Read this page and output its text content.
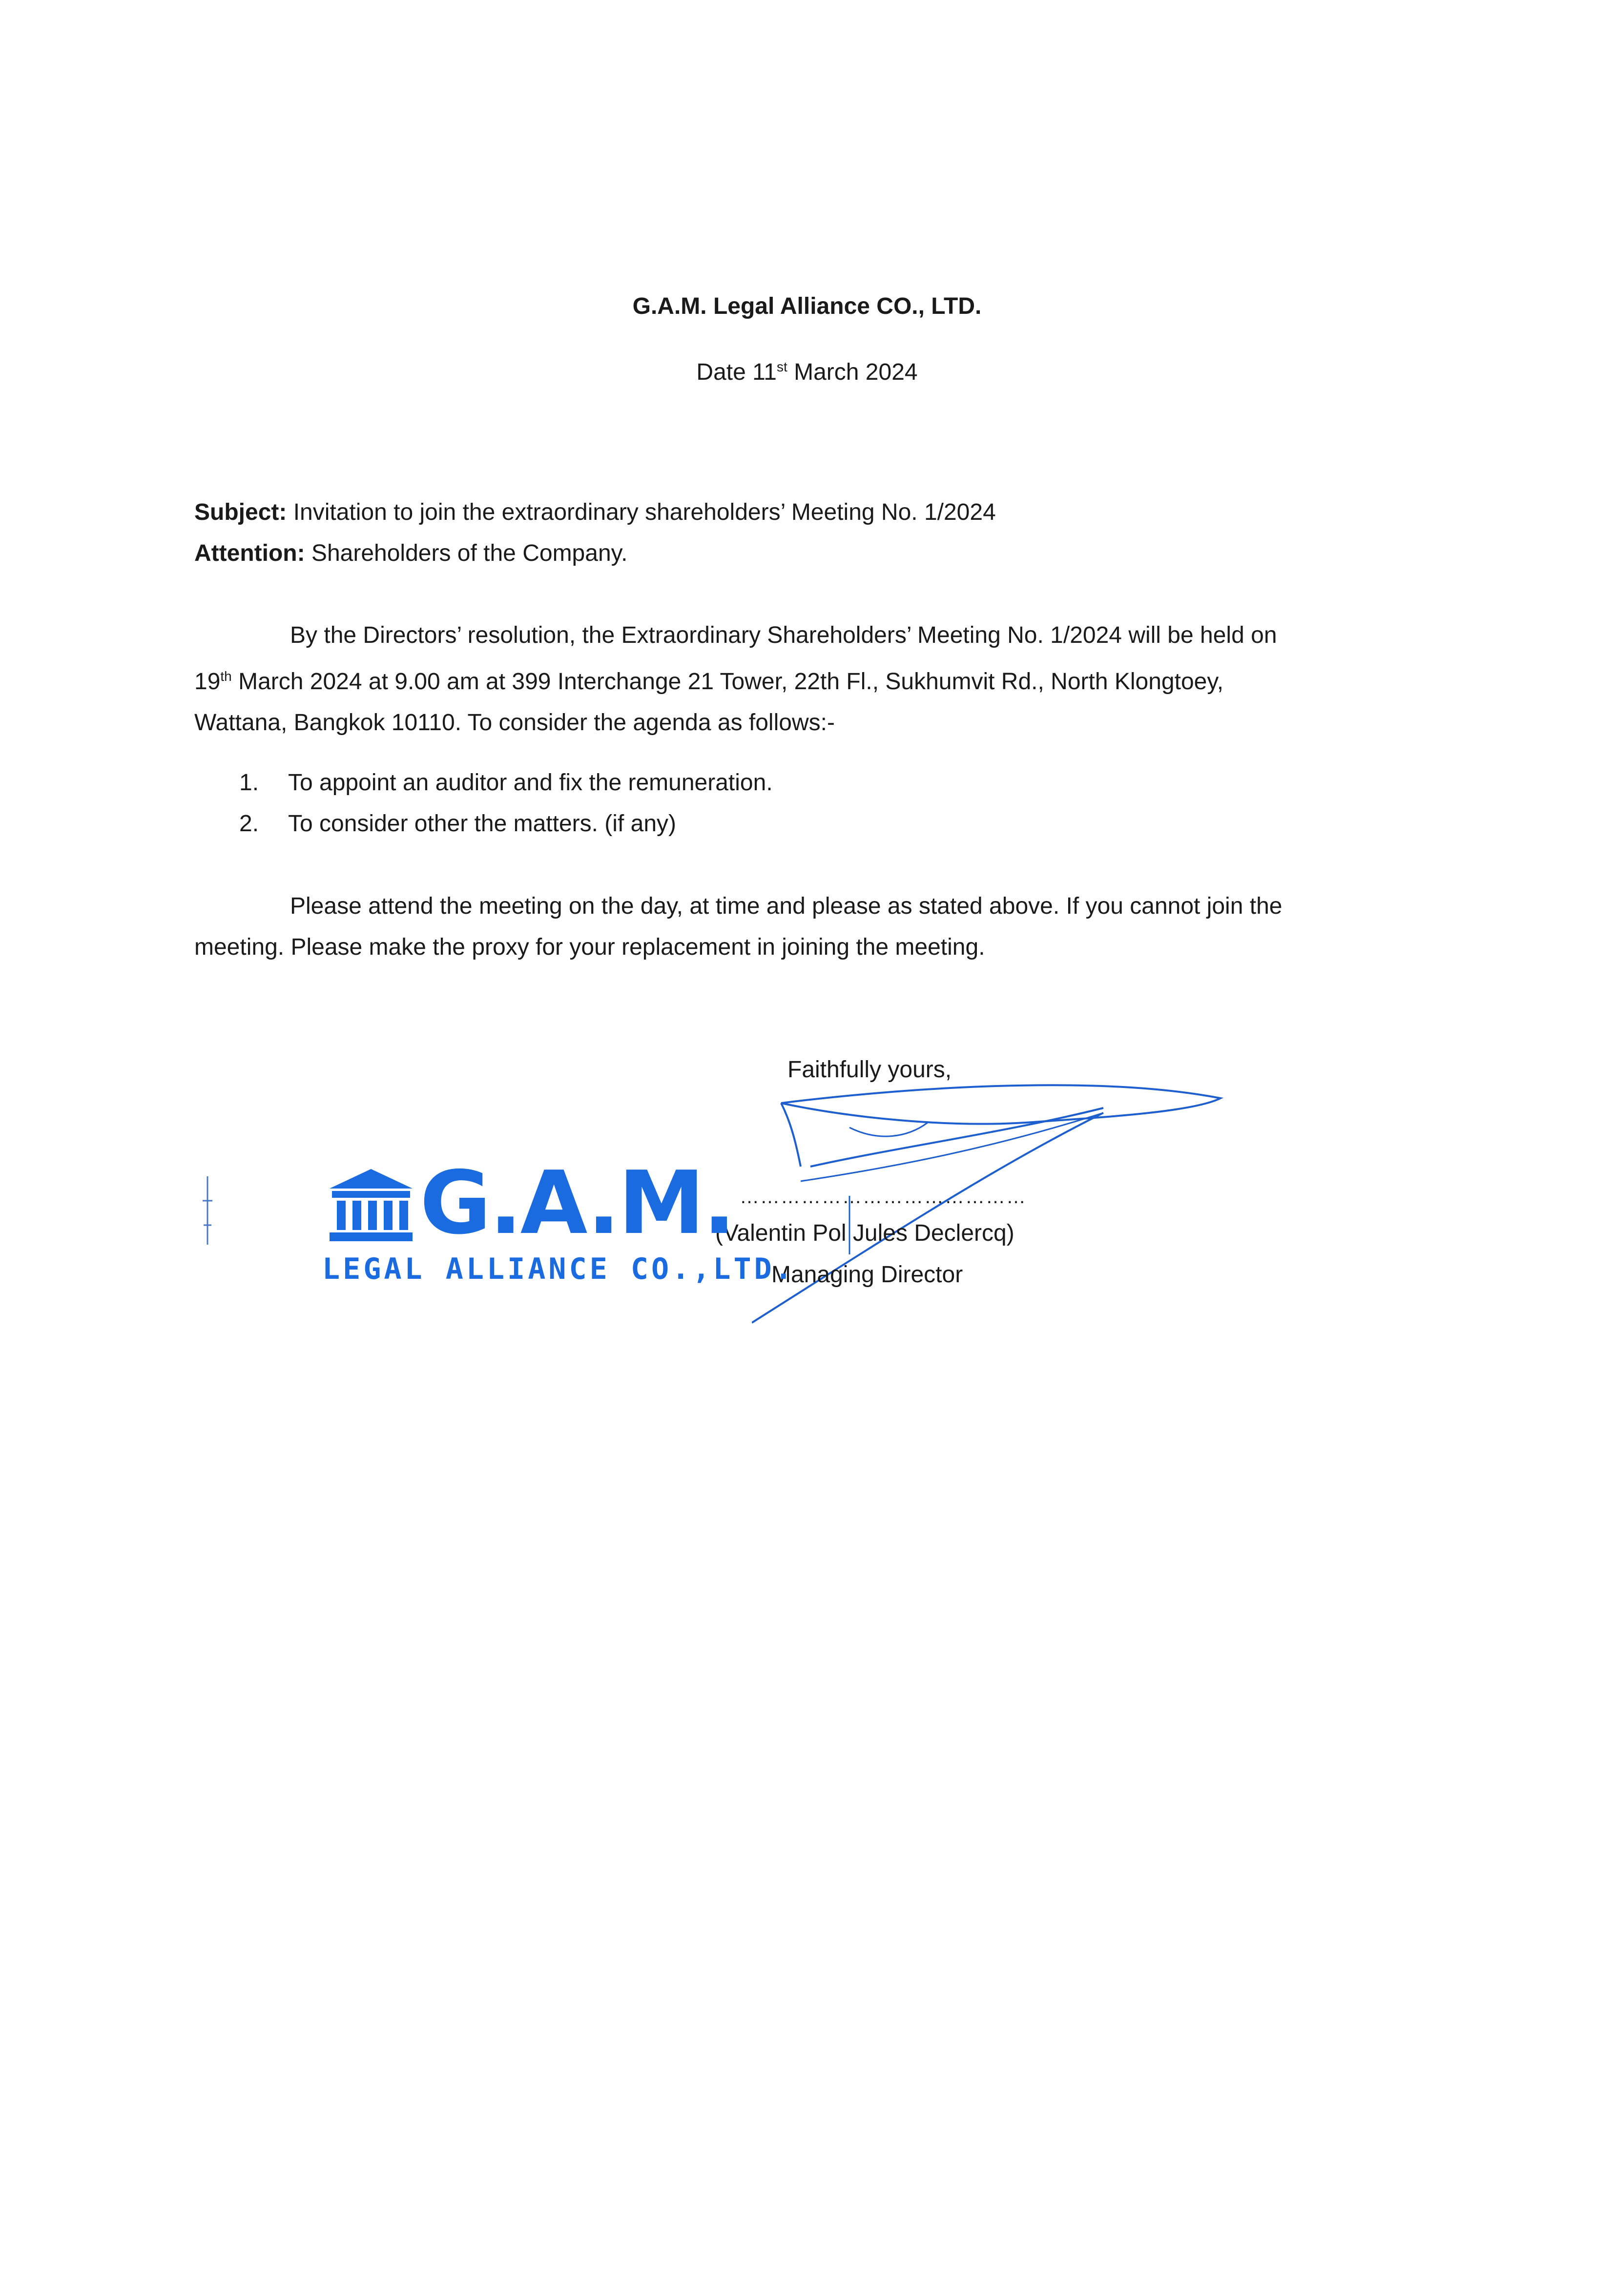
G.A.M. Legal Alliance CO., LTD.
Date 11st March 2024
Subject: Invitation to join the extraordinary shareholders’ Meeting No. 1/2024
Attention: Shareholders of the Company.
By the Directors’ resolution, the Extraordinary Shareholders’ Meeting No. 1/2024 will be held on
19th March 2024 at 9.00 am at 399 Interchange 21 Tower, 22th Fl., Sukhumvit Rd., North Klongtoey,
Wattana, Bangkok 10110. To consider the agenda as follows:-
1. To appoint an auditor and fix the remuneration.
2. To consider other the matters. (if any)
Please attend the meeting on the day, at time and please as stated above. If you cannot join the
meeting. Please make the proxy for your replacement in joining the meeting.
Faithfully yours,
……………………………………
(Valentin Pol Jules Declercq)
Managing Director
G.A.M.
LEGAL ALLIANCE CO.,LTD.
